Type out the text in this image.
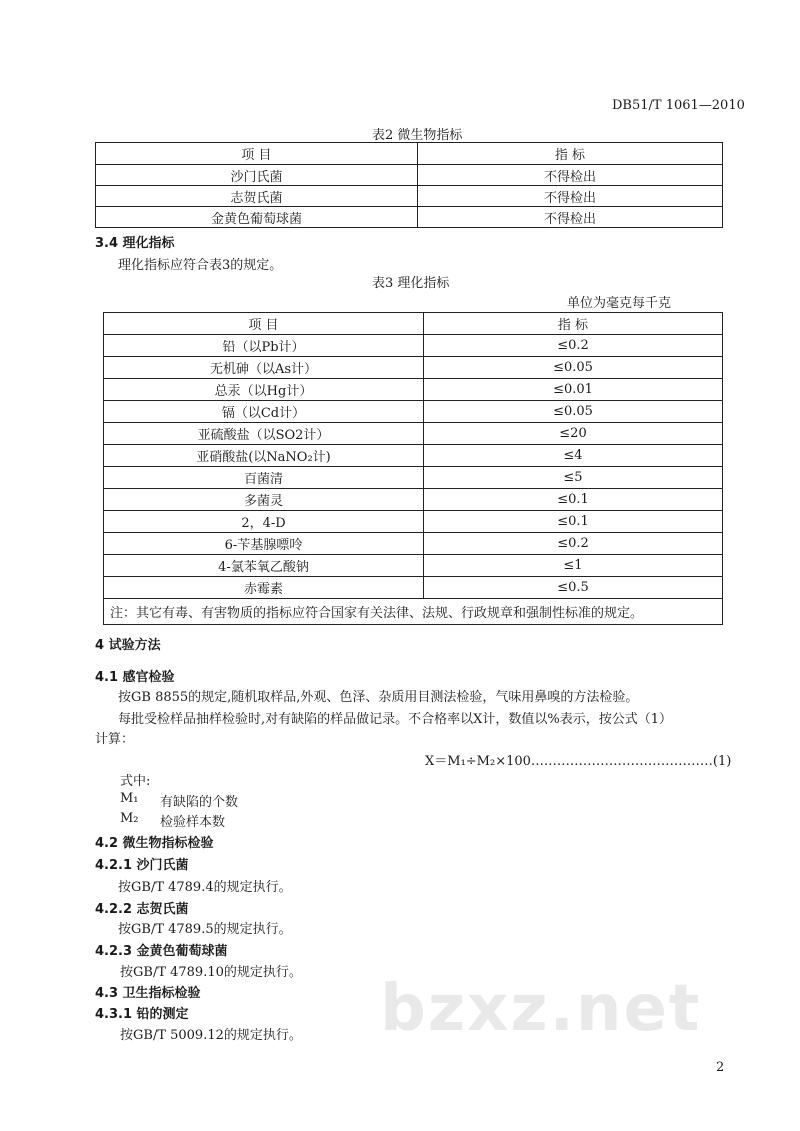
DB51/T 1061—2010
表2 微生物指标
项 目	指 标
沙门氏菌	不得检出
志贺氏菌	不得检出
金黄色葡萄球菌	不得检出
3.4 理化指标
理化指标应符合表3的规定。
表3 理化指标
单位为毫克每千克
项 目	指 标
铅（以Pb计）	≤0.2
无机砷（以As计）	≤0.05
总汞（以Hg计）	≤0.01
镉（以Cd计）	≤0.05
亚硫酸盐（以SO2计）	≤20
亚硝酸盐(以NaNO₂计)	≤4
百菌清	≤5
多菌灵	≤0.1
2，4-D	≤0.1
6-苄基腺嘌呤	≤0.2
4-氯苯氧乙酸钠	≤1
赤霉素	≤0.5
注：其它有毒、有害物质的指标应符合国家有关法律、法规、行政规章和强制性标准的规定。	
4 试验方法
4.1 感官检验
按GB 8855的规定,随机取样品,外观、色泽、杂质用目测法检验，气味用鼻嗅的方法检验。
每批受检样品抽样检验时,对有缺陷的样品做记录。不合格率以X计，数值以%表示，按公式（1）
计算：
X＝M₁÷M₂×100……………………………………(1)
式中:
M₁ 有缺陷的个数
M₂ 检验样本数
4.2 微生物指标检验
4.2.1 沙门氏菌
按GB/T 4789.4的规定执行。
4.2.2 志贺氏菌
按GB/T 4789.5的规定执行。
4.2.3 金黄色葡萄球菌
按GB/T 4789.10的规定执行。
4.3 卫生指标检验
4.3.1 铅的测定
按GB/T 5009.12的规定执行。 bzxz.net
2
